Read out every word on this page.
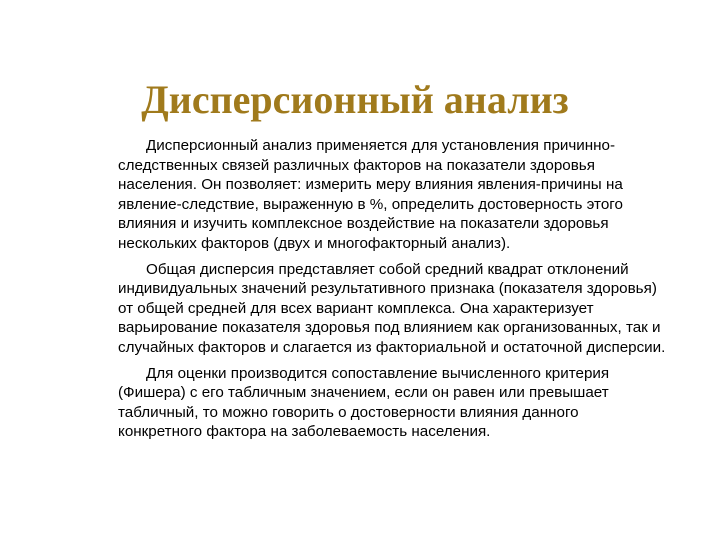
Дисперсионный анализ

Дисперсионный анализ применяется для установления причинно-следственных связей различных факторов на показатели здоровья населения. Он позволяет: измерить меру влияния явления-причины на явление-следствие, выраженную в %, определить достоверность этого влияния и изучить комплексное воздействие на показатели здоровья нескольких факторов (двух и многофакторный анализ).

Общая дисперсия представляет собой средний квадрат отклонений индивидуальных значений результативного признака (показателя здоровья) от общей средней для всех вариант комплекса. Она характеризует варьирование показателя здоровья под влиянием как организованных, так и случайных факторов и слагается из факториальной и остаточной дисперсии.

Для оценки производится сопоставление вычисленного критерия (Фишера) с его табличным значением, если он равен или превышает табличный, то можно говорить о достоверности влияния данного конкретного фактора на заболеваемость населения.
